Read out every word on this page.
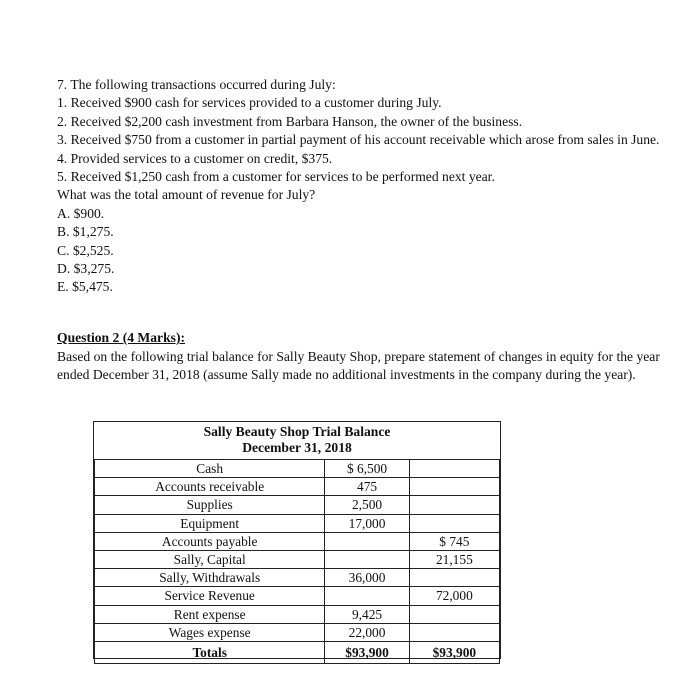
7. The following transactions occurred during July:
1. Received $900 cash for services provided to a customer during July.
2. Received $2,200 cash investment from Barbara Hanson, the owner of the business.
3. Received $750 from a customer in partial payment of his account receivable which arose from sales in June.
4. Provided services to a customer on credit, $375.
5. Received $1,250 cash from a customer for services to be performed next year.
What was the total amount of revenue for July?
A. $900.
B. $1,275.
C. $2,525.
D. $3,275.
E. $5,475.
Question 2 (4 Marks):
Based on the following trial balance for Sally Beauty Shop, prepare statement of changes in equity for the year ended December 31, 2018 (assume Sally made no additional investments in the company during the year).
Sally Beauty Shop Trial Balance
December 31, 2018
Cash	$ 6,500	
Accounts receivable	475	
Supplies	2,500	
Equipment	17,000	
Accounts payable		$ 745
Sally, Capital		21,155
Sally, Withdrawals	36,000	
Service Revenue		72,000
Rent expense	9,425	
Wages expense	22,000	
Totals	$93,900	$93,900
